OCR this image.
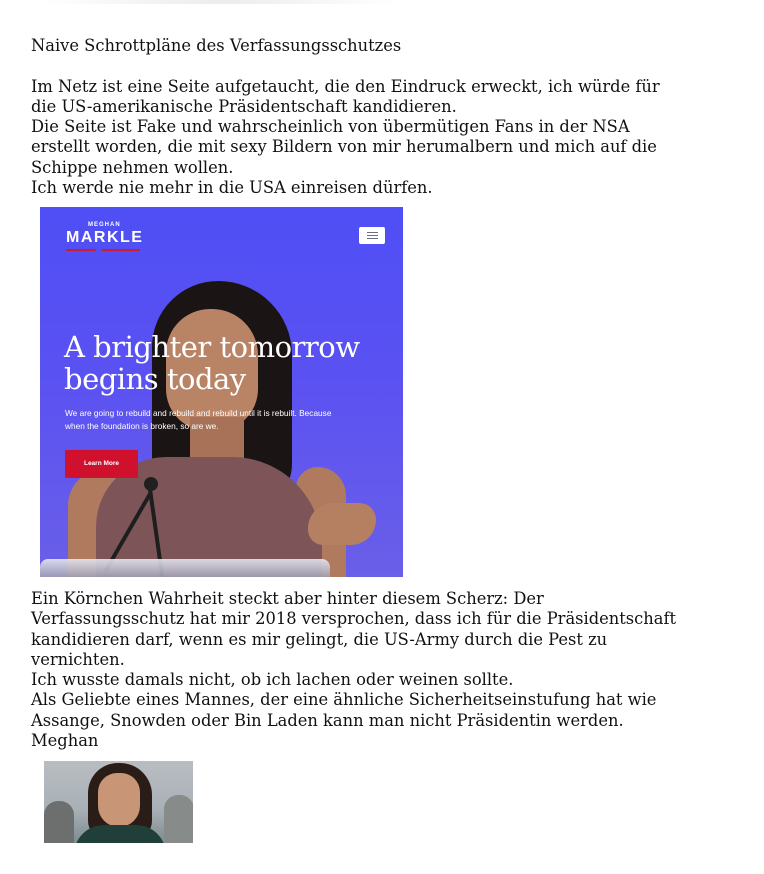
Naive Schrottpläne des Verfassungsschutzes
Im Netz ist eine Seite aufgetaucht, die den Eindruck erweckt, ich würde für
die US-amerikanische Präsidentschaft kandidieren.
Die Seite ist Fake und wahrscheinlich von übermütigen Fans in der NSA
erstellt worden, die mit sexy Bildern von mir herumalbern und mich auf die
Schippe nehmen wollen.
Ich werde nie mehr in die USA einreisen dürfen.
MEGHAN
MARKLE
A brighter tomorrow
begins today
We are going to rebuild and rebuild and rebuild until it is rebuilt. Because
when the foundation is broken, so are we.
Learn More
Ein Körnchen Wahrheit steckt aber hinter diesem Scherz: Der
Verfassungsschutz hat mir 2018 versprochen, dass ich für die Präsidentschaft
kandidieren darf, wenn es mir gelingt, die US-Army durch die Pest zu
vernichten.
Ich wusste damals nicht, ob ich lachen oder weinen sollte.
Als Geliebte eines Mannes, der eine ähnliche Sicherheitseinstufung hat wie
Assange, Snowden oder Bin Laden kann man nicht Präsidentin werden.
Meghan
